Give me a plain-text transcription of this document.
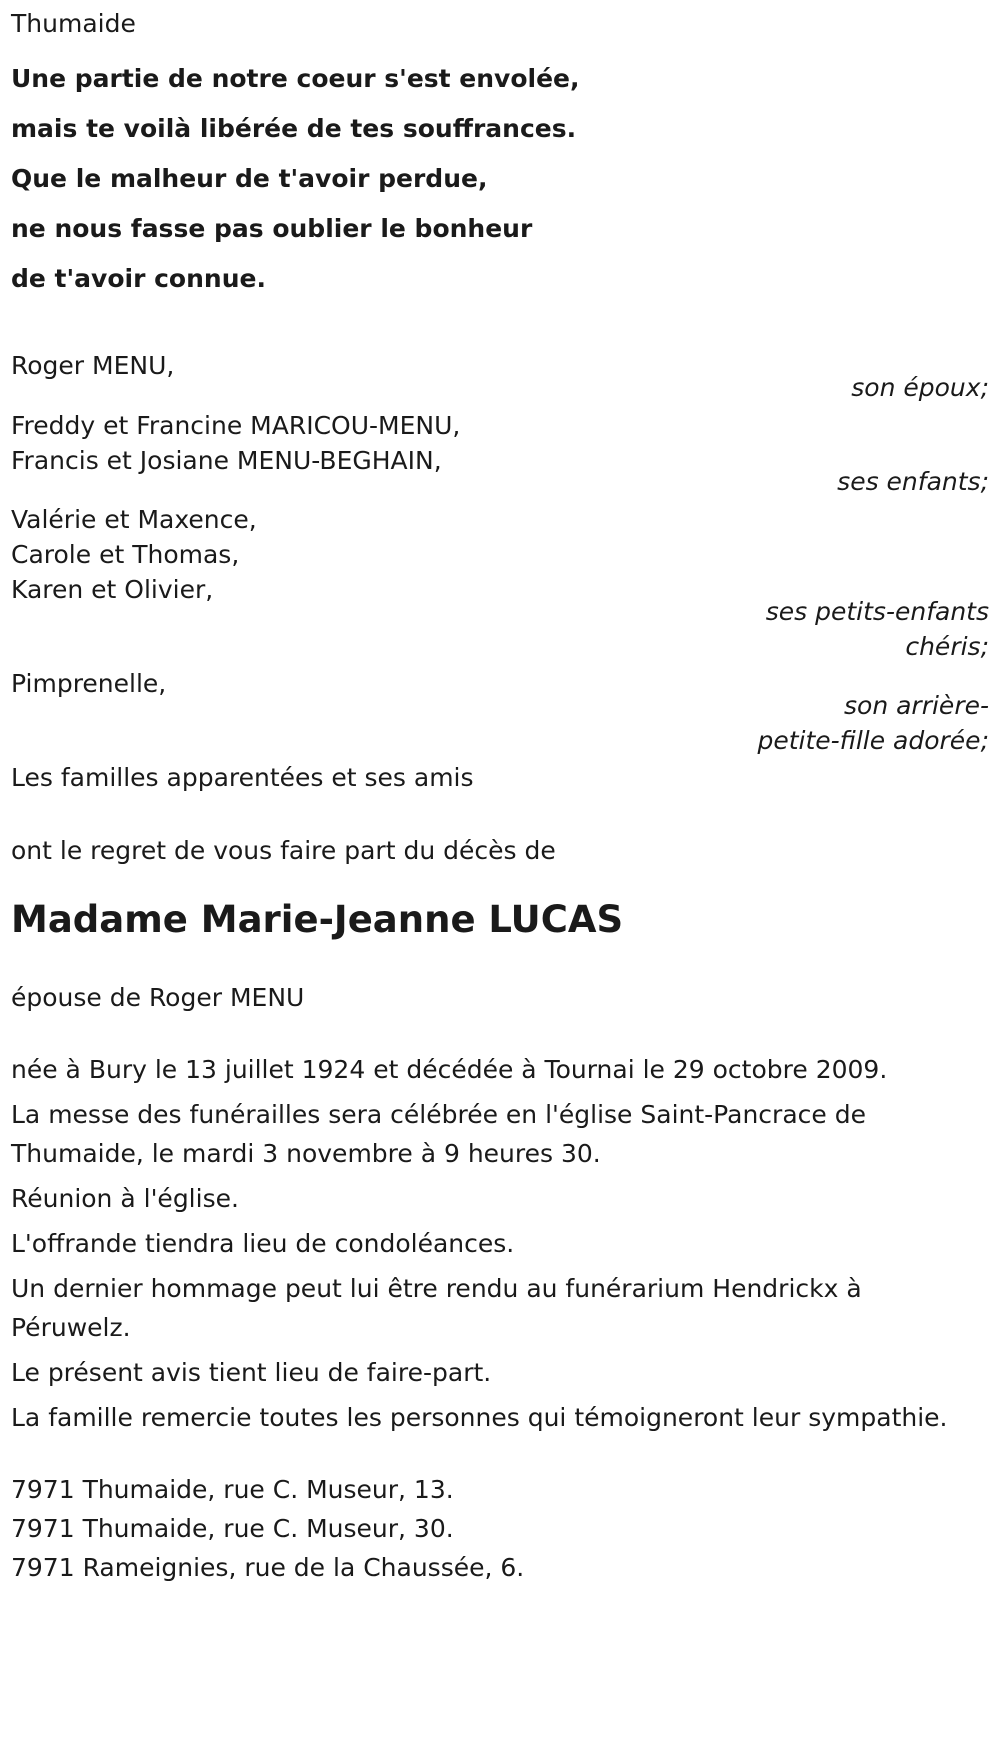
Thumaide

Une partie de notre coeur s'est envolée,

mais te voilà libérée de tes souffrances.

Que le malheur de t'avoir perdue,

ne nous fasse pas oublier le bonheur

de t'avoir connue.

Roger MENU,

son époux;

Freddy et Francine MARICOU-MENU,

Francis et Josiane MENU-BEGHAIN,

ses enfants;

Valérie et Maxence,

Carole et Thomas,

Karen et Olivier,

ses petits-enfants

chéris;

Pimprenelle,

son arrière-

petite-fille adorée;

Les familles apparentées et ses amis

ont le regret de vous faire part du décès de

Madame Marie-Jeanne LUCAS

épouse de Roger MENU

née à Bury le 13 juillet 1924 et décédée à Tournai le 29 octobre 2009.

La messe des funérailles sera célébrée en l'église Saint-Pancrace de Thumaide, le mardi 3 novembre à 9 heures 30.

Réunion à l'église.

L'offrande tiendra lieu de condoléances.

Un dernier hommage peut lui être rendu au funérarium Hendrickx à Péruwelz.

Le présent avis tient lieu de faire-part.

La famille remercie toutes les personnes qui témoigneront leur sympathie.

7971 Thumaide, rue C. Museur, 13.

7971 Thumaide, rue C. Museur, 30.

7971 Rameignies, rue de la Chaussée, 6.
